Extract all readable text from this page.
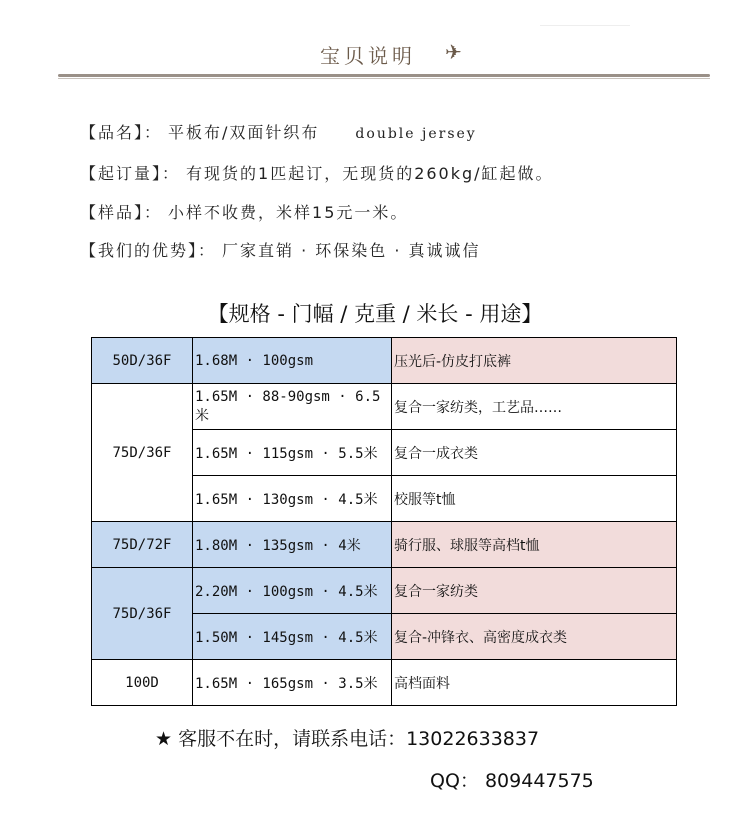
宝贝说明 ✈
【品名】： 平板布/双面针织布	double jersey
【起订量】： 有现货的1匹起订，无现货的260kg/缸起做。
【样品】： 小样不收费，米样15元一米。
【我们的优势】： 厂家直销 · 环保染色 · 真诚诚信
【规格 - 门幅 / 克重 / 米长 - 用途】
50D/36F	1.68M · 100gsm	压光后-仿皮打底裤
75D/36F	1.65M · 88-90gsm · 6.5米	复合一家纺类，工艺品……
	1.65M · 115gsm · 5.5米	复合一成衣类
	1.65M · 130gsm · 4.5米	校服等t恤
75D/72F	1.80M · 135gsm · 4米	骑行服、球服等高档t恤
75D/36F	2.20M · 100gsm · 4.5米	复合一家纺类
	1.50M · 145gsm · 4.5米	复合-冲锋衣、高密度成衣类
100D	1.65M · 165gsm · 3.5米	高档面料
★ 客服不在时，请联系电话：13022633837
QQ： 809447575
